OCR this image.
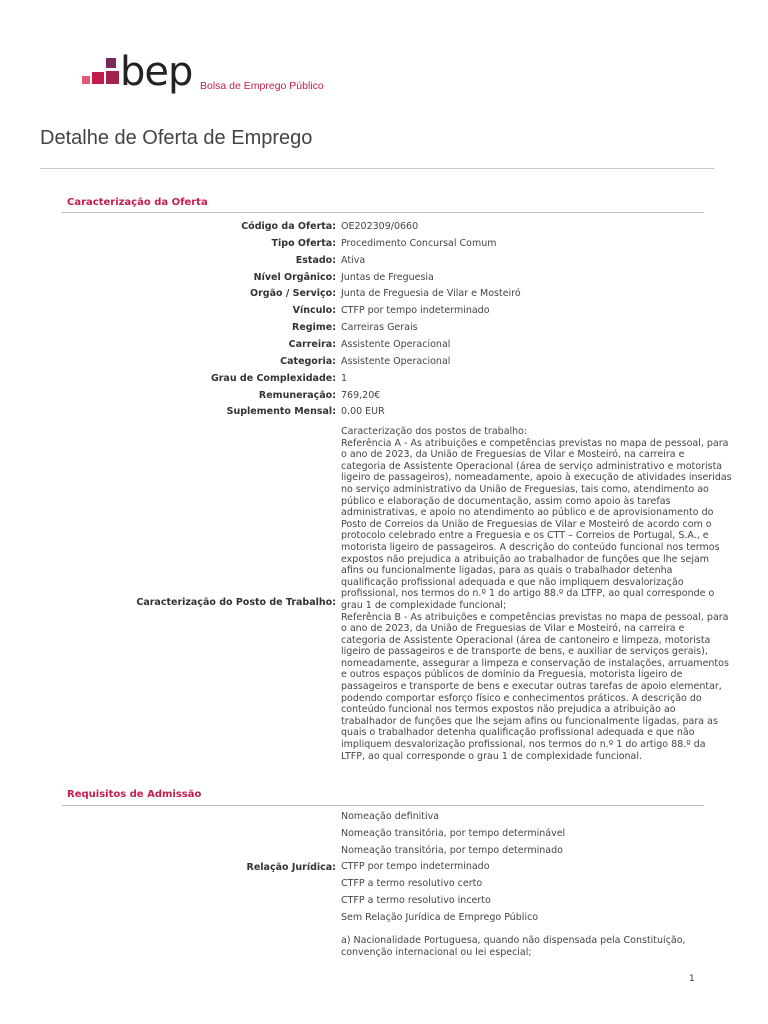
bep Bolsa de Emprego Público
Detalhe de Oferta de Emprego
Caracterização da Oferta
Código da Oferta: OE202309/0660
Tipo Oferta: Procedimento Concursal Comum
Estado: Ativa
Nível Orgânico: Juntas de Freguesia
Orgão / Serviço: Junta de Freguesia de Vilar e Mosteiró
Vínculo: CTFP por tempo indeterminado
Regime: Carreiras Gerais
Carreira: Assistente Operacional
Categoria: Assistente Operacional
Grau de Complexidade: 1
Remuneração: 769,20€
Suplemento Mensal: 0.00 EUR
Caracterização do Posto de Trabalho:
Caracterização dos postos de trabalho:
Referência A - As atribuições e competências previstas no mapa de pessoal, para
o ano de 2023, da União de Freguesias de Vilar e Mosteiró, na carreira e
categoria de Assistente Operacional (área de serviço administrativo e motorista
ligeiro de passageiros), nomeadamente, apoio à execução de atividades inseridas
no serviço administrativo da União de Freguesias, tais como, atendimento ao
público e elaboração de documentação, assim como apoio às tarefas
administrativas, e apoio no atendimento ao público e de aprovisionamento do
Posto de Correios da União de Freguesias de Vilar e Mosteiró de acordo com o
protocolo celebrado entre a Freguesia e os CTT – Correios de Portugal, S.A., e
motorista ligeiro de passageiros. A descrição do conteúdo funcional nos termos
expostos não prejudica a atribuição ao trabalhador de funções que lhe sejam
afins ou funcionalmente ligadas, para as quais o trabalhador detenha
qualificação profissional adequada e que não impliquem desvalorização
profissional, nos termos do n.º 1 do artigo 88.º da LTFP, ao qual corresponde o
grau 1 de complexidade funcional;
Referência B - As atribuições e competências previstas no mapa de pessoal, para
o ano de 2023, da União de Freguesias de Vilar e Mosteiró, na carreira e
categoria de Assistente Operacional (área de cantoneiro e limpeza, motorista
ligeiro de passageiros e de transporte de bens, e auxiliar de serviços gerais),
nomeadamente, assegurar a limpeza e conservação de instalações, arruamentos
e outros espaços públicos de domínio da Freguesia, motorista ligeiro de
passageiros e transporte de bens e executar outras tarefas de apoio elementar,
podendo comportar esforço físico e conhecimentos práticos. A descrição do
conteúdo funcional nos termos expostos não prejudica a atribuição ao
trabalhador de funções que lhe sejam afins ou funcionalmente ligadas, para as
quais o trabalhador detenha qualificação profissional adequada e que não
impliquem desvalorização profissional, nos termos do n.º 1 do artigo 88.º da
LTFP, ao qual corresponde o grau 1 de complexidade funcional.
Requisitos de Admissão
Relação Jurídica:
Nomeação definitiva
Nomeação transitória, por tempo determinável
Nomeação transitória, por tempo determinado
CTFP por tempo indeterminado
CTFP a termo resolutivo certo
CTFP a termo resolutivo incerto
Sem Relação Jurídica de Emprego Público
a) Nacionalidade Portuguesa, quando não dispensada pela Constituição,
convenção internacional ou lei especial;
1
